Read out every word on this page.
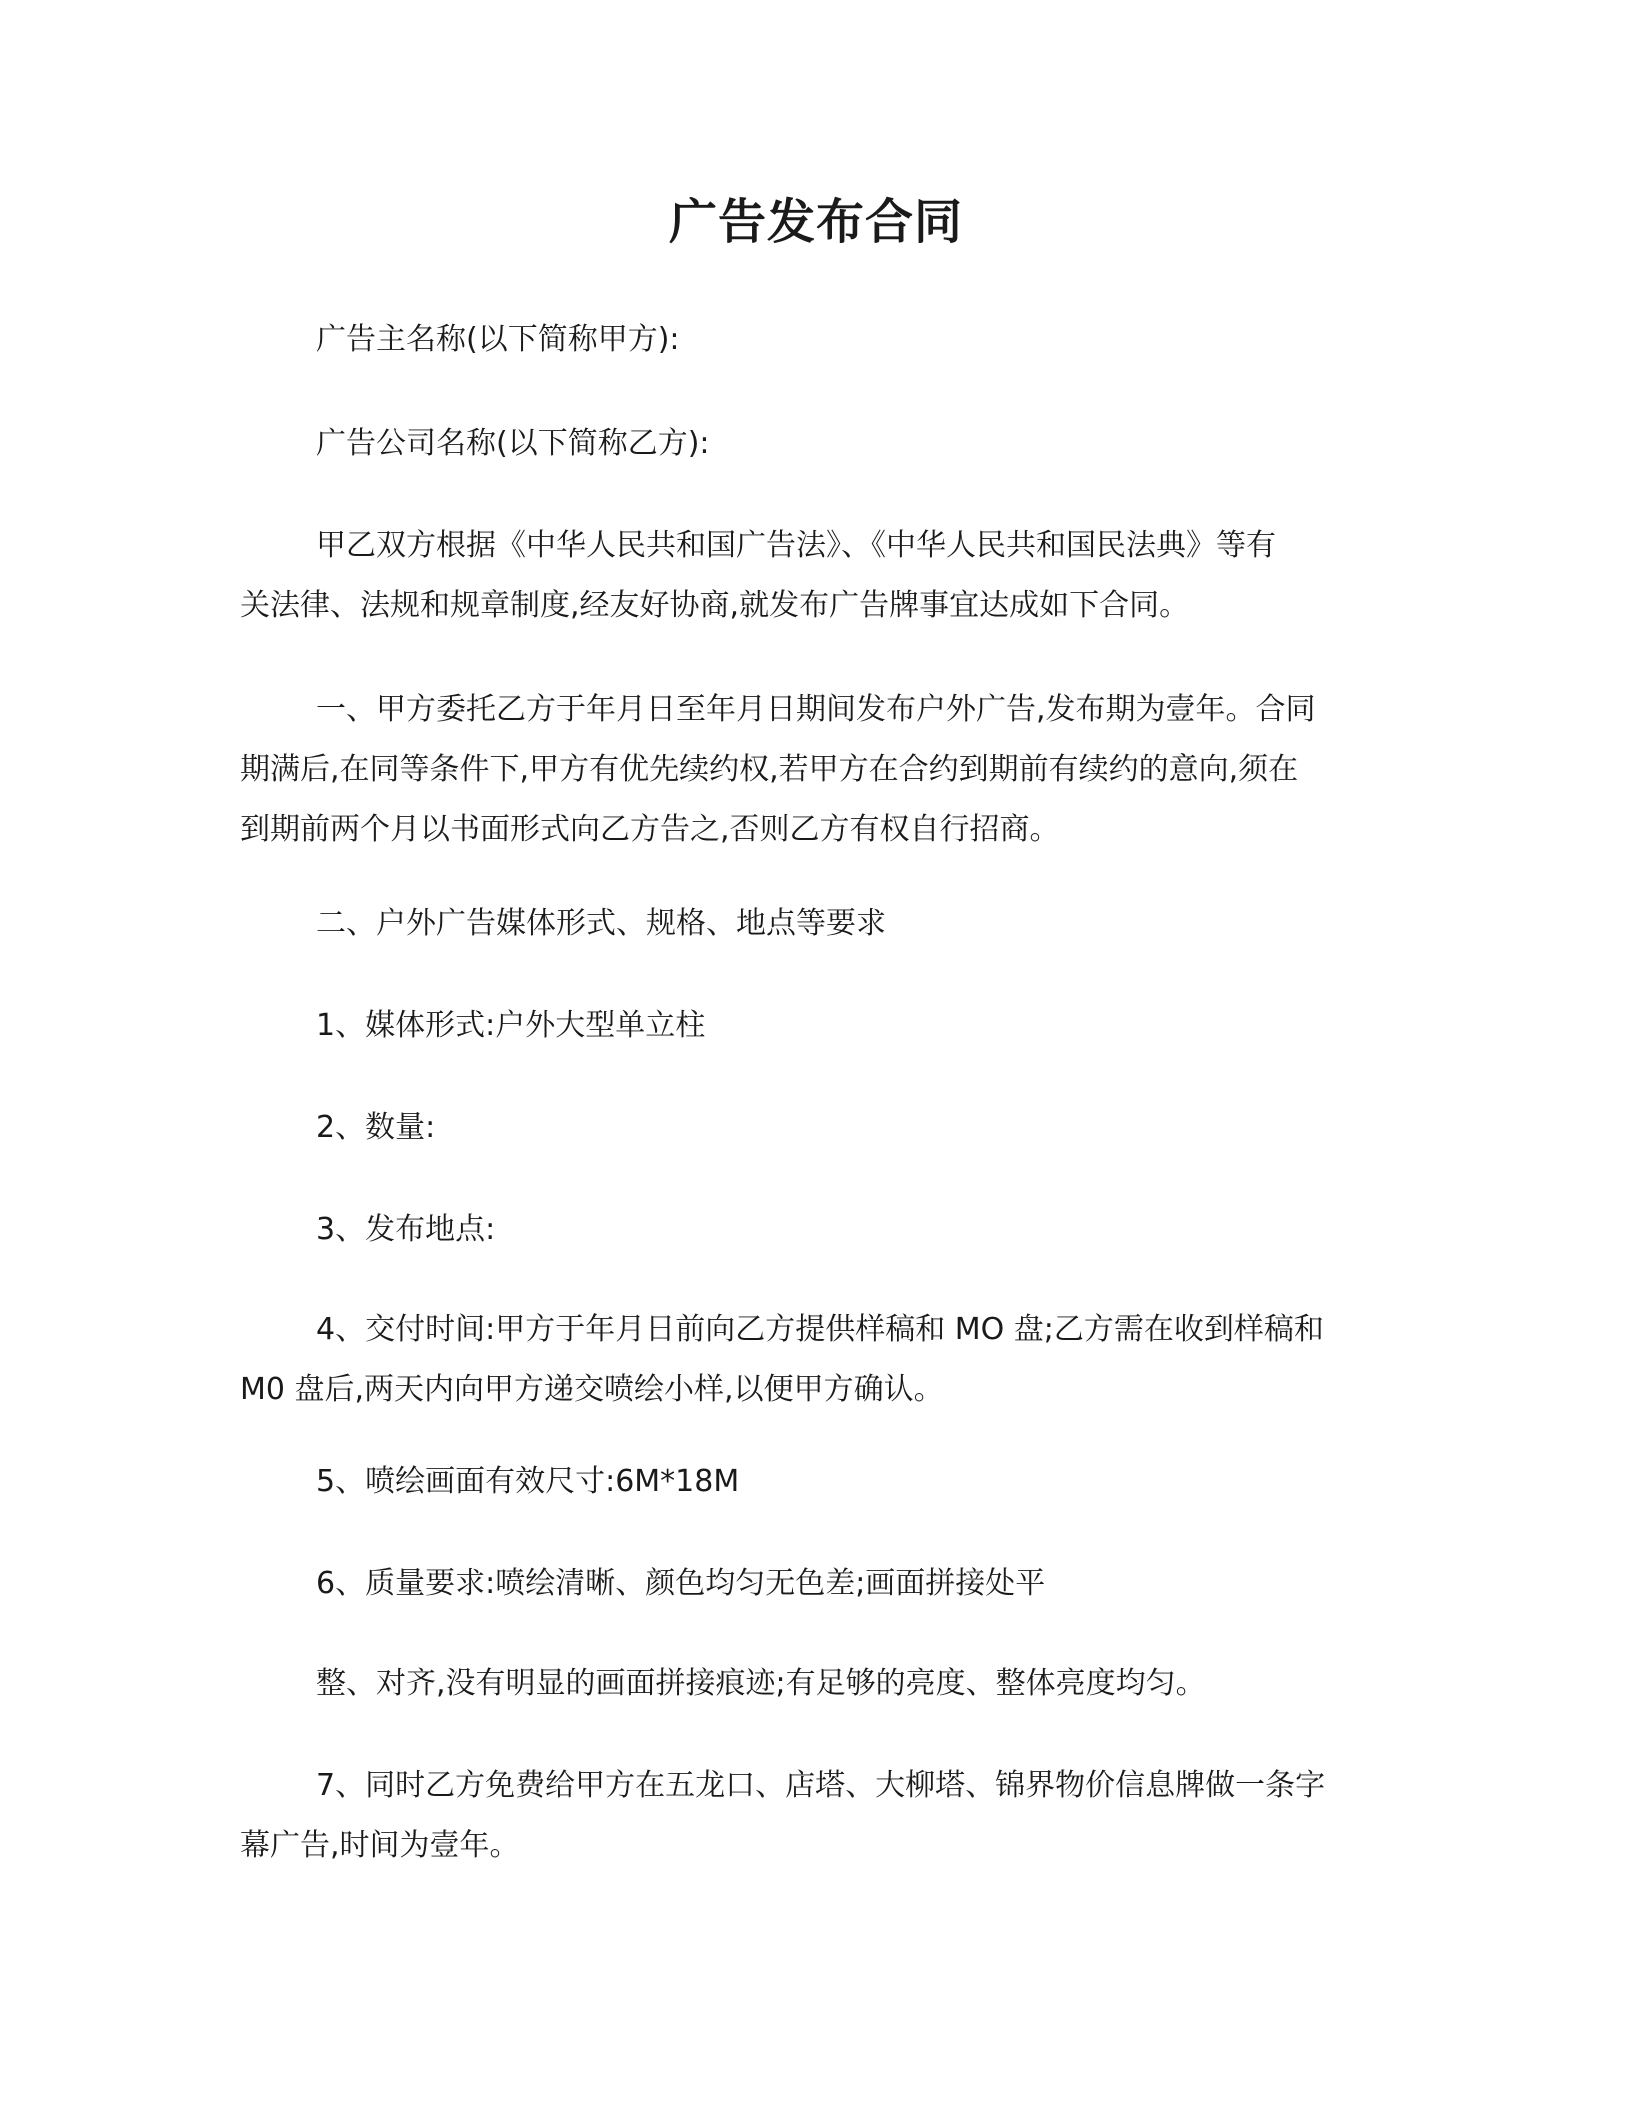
广告发布合同

广告主名称(以下简称甲方):

广告公司名称(以下简称乙方):

甲乙双方根据《中华人民共和国广告法》、《中华人民共和国民法典》等有
关法律、法规和规章制度,经友好协商,就发布广告牌事宜达成如下合同。

一、甲方委托乙方于年月日至年月日期间发布户外广告,发布期为壹年。合同
期满后,在同等条件下,甲方有优先续约权,若甲方在合约到期前有续约的意向,须在
到期前两个月以书面形式向乙方告之,否则乙方有权自行招商。

二、户外广告媒体形式、规格、地点等要求

1、媒体形式:户外大型单立柱

2、数量:

3、发布地点:

4、交付时间:甲方于年月日前向乙方提供样稿和 MO 盘;乙方需在收到样稿和
M0 盘后,两天内向甲方递交喷绘小样,以便甲方确认。

5、喷绘画面有效尺寸:6M*18M

6、质量要求:喷绘清晰、颜色均匀无色差;画面拼接处平

整、对齐,没有明显的画面拼接痕迹;有足够的亮度、整体亮度均匀。

7、同时乙方免费给甲方在五龙口、店塔、大柳塔、锦界物价信息牌做一条字
幕广告,时间为壹年。
